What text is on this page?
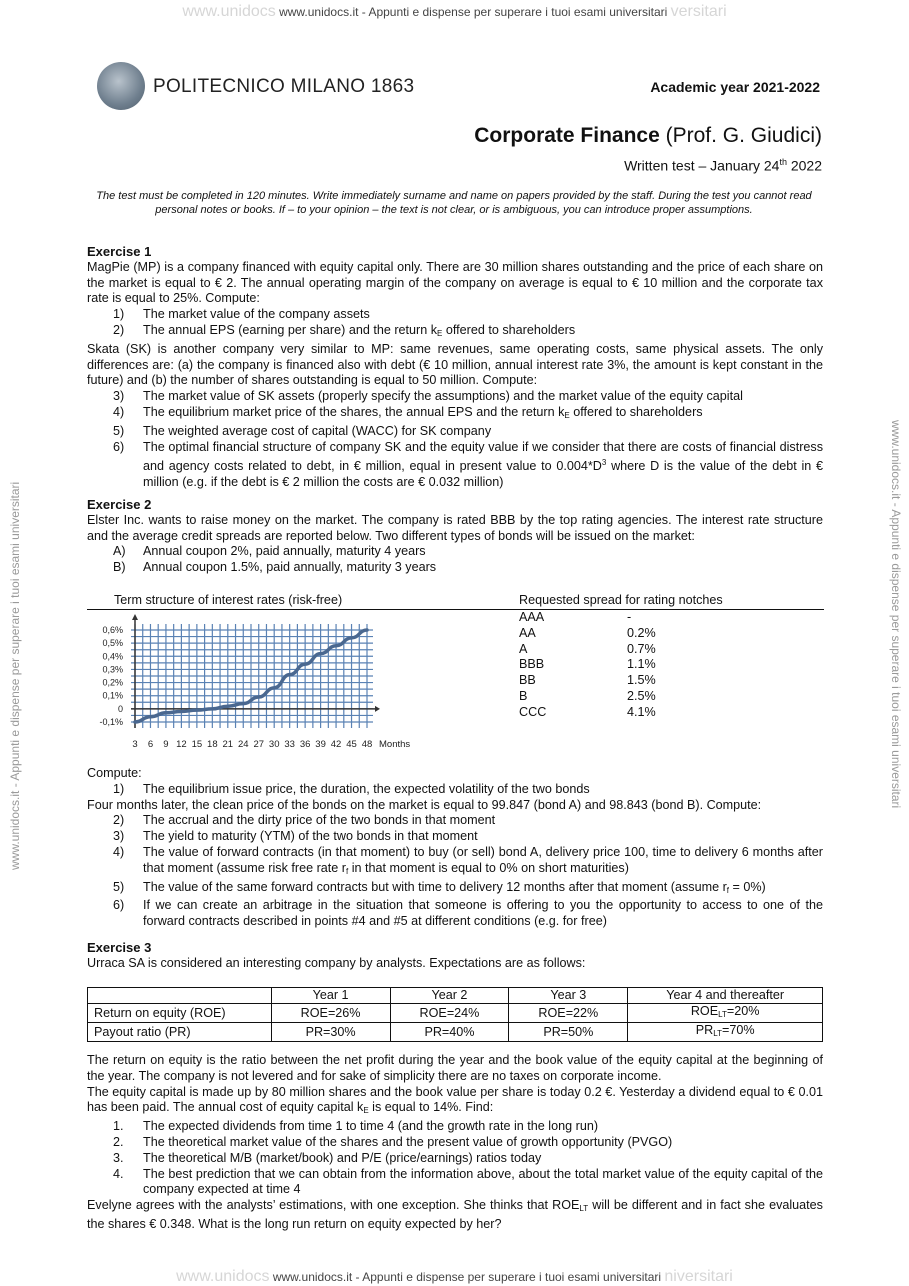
www.unidocs www.unidocs.it - Appunti e dispense per superare i tuoi esami universitari versitari
www.unidocs www.unidocs.it - Appunti e dispense per superare i tuoi esami universitari niversitari
www.unidocs.it - Appunti e dispense per superare i tuoi esami universitari	www.unidocs.it - Appunti e dispense per superare i tuoi esami universitari
POLITECNICO MILANO 1863	Academic year 2021-2022
Corporate Finance (Prof. G. Giudici)
Written test – January 24th 2022
The test must be completed in 120 minutes. Write immediately surname and name on papers provided by the staff. During the test you cannot read personal notes or books. If – to your opinion – the text is not clear, or is ambiguous, you can introduce proper assumptions.
Exercise 1
MagPie (MP) is a company financed with equity capital only. There are 30 million shares outstanding and the price of each share on the market is equal to € 2. The annual operating margin of the company on average is equal to € 10 million and the corporate tax rate is equal to 25%. Compute:
1) The market value of the company assets
2) The annual EPS (earning per share) and the return $k_E$ offered to shareholders
Skata (SK) is another company very similar to MP: same revenues, same operating costs, same physical assets. The only differences are: (a) the company is financed also with debt (€ 10 million, annual interest rate 3%, the amount is kept constant in the future) and (b) the number of shares outstanding is equal to 50 million. Compute:
3) The market value of SK assets (properly specify the assumptions) and the market value of the equity capital
4) The equilibrium market price of the shares, the annual EPS and the return $k_E$ offered to shareholders
5) The weighted average cost of capital (WACC) for SK company
6) The optimal financial structure of company SK and the equity value if we consider that there are costs of financial distress and agency costs related to debt, in € million, equal in present value to $0.004*D^3$ where D is the value of the debt in € million (e.g. if the debt is € 2 million the costs are € 0.032 million)
Exercise 2
Elster Inc. wants to raise money on the market. The company is rated BBB by the top rating agencies. The interest rate structure and the average credit spreads are reported below. Two different types of bonds will be issued on the market:
A) Annual coupon 2%, paid annually, maturity 4 years
B) Annual coupon 1.5%, paid annually, maturity 3 years
Term structure of interest rates (risk-free)	Requested spread for rating notches
0,6%
0,5%
0,4%
0,3%
0,2%
0,1%
0
-0,1%
3 6 9 12 15 18 21 24 27 30 33 36 39 42 45 48 Months
AAA	-
AA	0.2%
A	0.7%
BBB	1.1%
BB	1.5%
B	2.5%
CCC	4.1%
Compute:
1) The equilibrium issue price, the duration, the expected volatility of the two bonds
Four months later, the clean price of the bonds on the market is equal to 99.847 (bond A) and 98.843 (bond B). Compute:
2) The accrual and the dirty price of the two bonds in that moment
3) The yield to maturity (YTM) of the two bonds in that moment
4) The value of forward contracts (in that moment) to buy (or sell) bond A, delivery price 100, time to delivery 6 months after that moment (assume risk free rate $r_f$ in that moment is equal to 0% on short maturities)
5) The value of the same forward contracts but with time to delivery 12 months after that moment (assume $r_f = 0\%$)
6) If we can create an arbitrage in the situation that someone is offering to you the opportunity to access to one of the forward contracts described in points #4 and #5 at different conditions (e.g. for free)
Exercise 3
Urraca SA is considered an interesting company by analysts. Expectations are as follows:
	Year 1	Year 2	Year 3	Year 4 and thereafter
Return on equity (ROE)	ROE=26%	ROE=24%	ROE=22%	$ROE_{LT}=20\%$
Payout ratio (PR)	PR=30%	PR=40%	PR=50%	$PR_{LT}=70\%$
The return on equity is the ratio between the net profit during the year and the book value of the equity capital at the beginning of the year. The company is not levered and for sake of simplicity there are no taxes on corporate income.
The equity capital is made up by 80 million shares and the book value per share is today 0.2 €. Yesterday a dividend equal to € 0.01 has been paid. The annual cost of equity capital $k_E$ is equal to 14%. Find:
1. The expected dividends from time 1 to time 4 (and the growth rate in the long run)
2. The theoretical market value of the shares and the present value of growth opportunity (PVGO)
3. The theoretical M/B (market/book) and P/E (price/earnings) ratios today
4. The best prediction that we can obtain from the information above, about the total market value of the equity capital of the company expected at time 4
Evelyne agrees with the analysts’ estimations, with one exception. She thinks that $ROE_{LT}$ will be different and in fact she evaluates the shares € 0.348. What is the long run return on equity expected by her?
